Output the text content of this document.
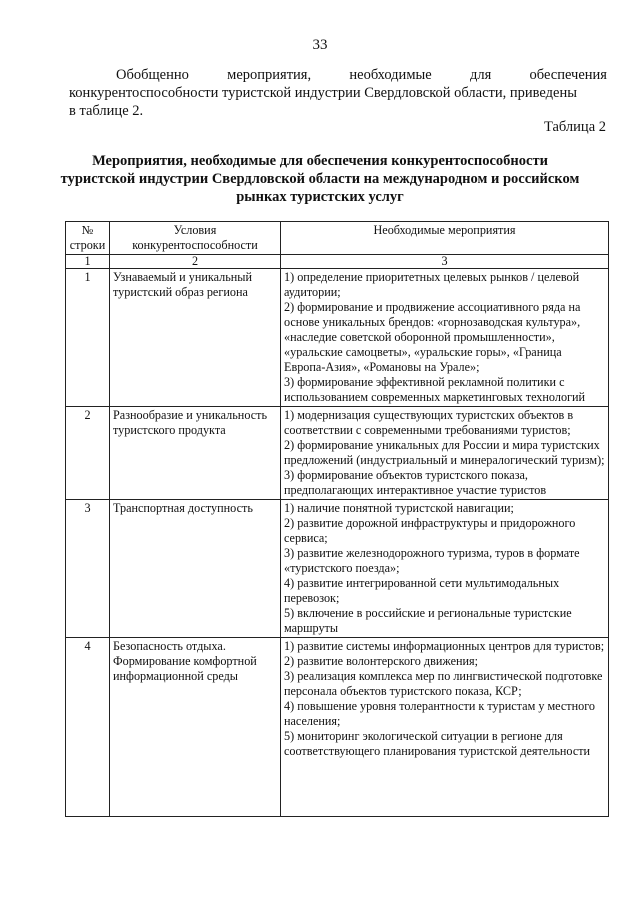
33
Обобщенно	мероприятия,	необходимые	для	обеспечения
конкурентоспособности туристской индустрии Свердловской области, приведены
в таблице 2.
Таблица 2
Мероприятия, необходимые для обеспечения конкурентоспособности туристской индустрии Свердловской области на международном и российском рынках туристских услуг
№
строки	Условия конкурентоспособности	Необходимые мероприятия
1	2	3
1	Узнаваемый и уникальный туристский образ региона	1) определение приоритетных целевых рынков / целевой аудитории;
2) формирование и продвижение ассоциативного ряда на основе уникальных брендов: «горнозаводская культура», «наследие советской оборонной промышленности», «уральские самоцветы», «уральские горы», «Граница Европа-Азия», «Романовы на Урале»;
3) формирование эффективной рекламной политики с использованием современных маркетинговых технологий

2	Разнообразие и уникальность туристского продукта	1) модернизация существующих туристских объектов в соответствии с современными требованиями туристов;
2) формирование уникальных для России и мира туристских предложений (индустриальный и минералогический туризм);
3) формирование объектов туристского показа, предполагающих интерактивное участие туристов

3	Транспортная доступность	1) наличие понятной туристской навигации;
2) развитие дорожной инфраструктуры и придорожного сервиса;
3) развитие железнодорожного туризма, туров в формате «туристского поезда»;
4) развитие интегрированной сети мультимодальных перевозок;
5) включение в российские и региональные туристские маршруты

4	Безопасность отдыха. Формирование комфортной информационной среды	1) развитие системы информационных центров для туристов;
2) развитие волонтерского движения;
3) реализация комплекса мер по лингвистической подготовке персонала объектов туристского показа, КСР;
4) повышение уровня толерантности к туристам у местного населения;
5) мониторинг экологической ситуации в регионе для соответствующего планирования туристской деятельности
